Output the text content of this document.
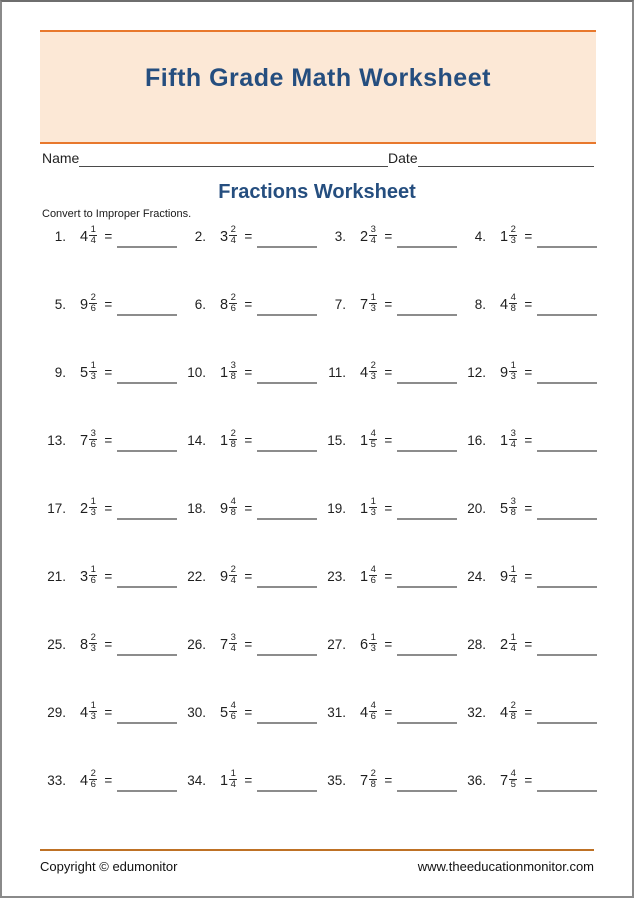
Fifth Grade Math Worksheet
Name	Date
Fractions Worksheet
Convert to Improper Fractions.
1. $4 \frac{1}{4}$ =	2. $3 \frac{2}{4}$ =	3. $2 \frac{3}{4}$ =	4. $1 \frac{2}{3}$ =
5. $9 \frac{2}{6}$ =	6. $8 \frac{2}{6}$ =	7. $7 \frac{1}{3}$ =	8. $4 \frac{4}{8}$ =
9. $5 \frac{1}{3}$ =	10. $1 \frac{3}{8}$ =	11. $4 \frac{2}{3}$ =	12. $9 \frac{1}{3}$ =
13. $7 \frac{3}{6}$ =	14. $1 \frac{2}{8}$ =	15. $1 \frac{4}{5}$ =	16. $1 \frac{3}{4}$ =
17. $2 \frac{1}{3}$ =	18. $9 \frac{4}{8}$ =	19. $1 \frac{1}{3}$ =	20. $5 \frac{3}{8}$ =
21. $3 \frac{1}{6}$ =	22. $9 \frac{2}{4}$ =	23. $1 \frac{4}{6}$ =	24. $9 \frac{1}{4}$ =
25. $8 \frac{2}{3}$ =	26. $7 \frac{3}{4}$ =	27. $6 \frac{1}{3}$ =	28. $2 \frac{1}{4}$ =
29. $4 \frac{1}{3}$ =	30. $5 \frac{4}{6}$ =	31. $4 \frac{4}{6}$ =	32. $4 \frac{2}{8}$ =
33. $4 \frac{2}{6}$ =	34. $1 \frac{1}{4}$ =	35. $7 \frac{2}{8}$ =	36. $7 \frac{4}{5}$ =
Copyright © edumonitor	www.theeducationmonitor.com
